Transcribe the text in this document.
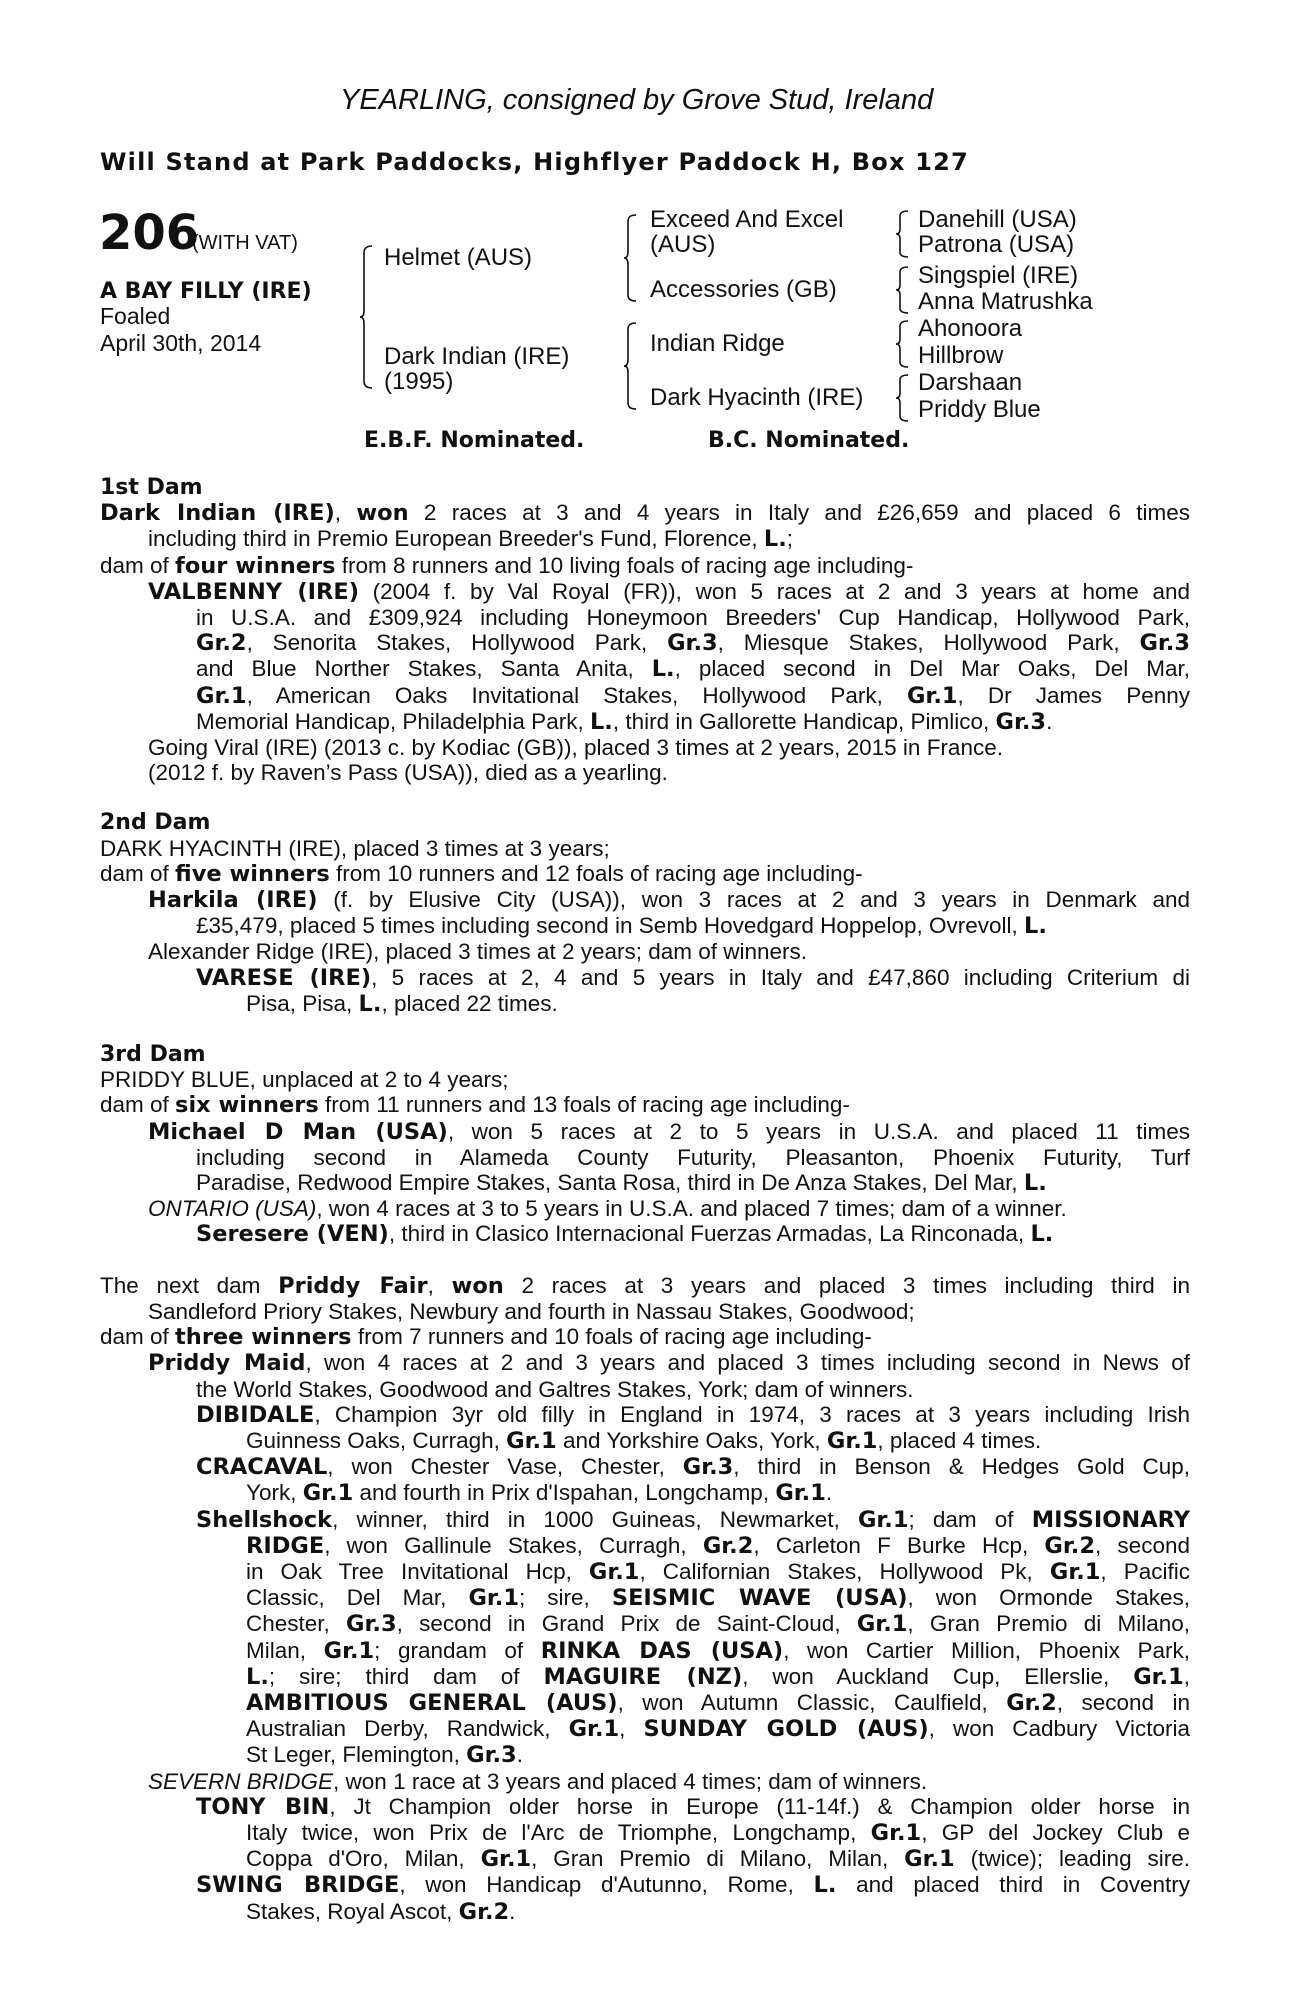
YEARLING, consigned by Grove Stud, Ireland
Will Stand at Park Paddocks, Highflyer Paddock H, Box 127
206
(WITH VAT)
A BAY FILLY (IRE)
Foaled
April 30th, 2014
Helmet (AUS)
Dark Indian (IRE)
(1995)
Exceed And Excel
(AUS)
Accessories (GB)
Indian Ridge
Dark Hyacinth (IRE)
Danehill (USA)
Patrona (USA)
Singspiel (IRE)
Anna Matrushka
Ahonoora
Hillbrow
Darshaan
Priddy Blue
E.B.F. Nominated.	B.C. Nominated.
1st Dam
Dark Indian (IRE), won 2 races at 3 and 4 years in Italy and £26,659 and placed 6 times
including third in Premio European Breeder's Fund, Florence, L.;
dam of four winners from 8 runners and 10 living foals of racing age including-
VALBENNY (IRE) (2004 f. by Val Royal (FR)), won 5 races at 2 and 3 years at home and
in U.S.A. and £309,924 including Honeymoon Breeders' Cup Handicap, Hollywood Park,
Gr.2, Senorita Stakes, Hollywood Park, Gr.3, Miesque Stakes, Hollywood Park, Gr.3
and Blue Norther Stakes, Santa Anita, L., placed second in Del Mar Oaks, Del Mar,
Gr.1, American Oaks Invitational Stakes, Hollywood Park, Gr.1, Dr James Penny
Memorial Handicap, Philadelphia Park, L., third in Gallorette Handicap, Pimlico, Gr.3.
Going Viral (IRE) (2013 c. by Kodiac (GB)), placed 3 times at 2 years, 2015 in France.
(2012 f. by Raven’s Pass (USA)), died as a yearling.
2nd Dam
DARK HYACINTH (IRE), placed 3 times at 3 years;
dam of five winners from 10 runners and 12 foals of racing age including-
Harkila (IRE) (f. by Elusive City (USA)), won 3 races at 2 and 3 years in Denmark and
£35,479, placed 5 times including second in Semb Hovedgard Hoppelop, Ovrevoll, L.
Alexander Ridge (IRE), placed 3 times at 2 years; dam of winners.
VARESE (IRE), 5 races at 2, 4 and 5 years in Italy and £47,860 including Criterium di
Pisa, Pisa, L., placed 22 times.
3rd Dam
PRIDDY BLUE, unplaced at 2 to 4 years;
dam of six winners from 11 runners and 13 foals of racing age including-
Michael D Man (USA), won 5 races at 2 to 5 years in U.S.A. and placed 11 times
including second in Alameda County Futurity, Pleasanton, Phoenix Futurity, Turf
Paradise, Redwood Empire Stakes, Santa Rosa, third in De Anza Stakes, Del Mar, L.
ONTARIO (USA), won 4 races at 3 to 5 years in U.S.A. and placed 7 times; dam of a winner.
Seresere (VEN), third in Clasico Internacional Fuerzas Armadas, La Rinconada, L.
The next dam Priddy Fair, won 2 races at 3 years and placed 3 times including third in
Sandleford Priory Stakes, Newbury and fourth in Nassau Stakes, Goodwood;
dam of three winners from 7 runners and 10 foals of racing age including-
Priddy Maid, won 4 races at 2 and 3 years and placed 3 times including second in News of
the World Stakes, Goodwood and Galtres Stakes, York; dam of winners.
DIBIDALE, Champion 3yr old filly in England in 1974, 3 races at 3 years including Irish
Guinness Oaks, Curragh, Gr.1 and Yorkshire Oaks, York, Gr.1, placed 4 times.
CRACAVAL, won Chester Vase, Chester, Gr.3, third in Benson & Hedges Gold Cup,
York, Gr.1 and fourth in Prix d'Ispahan, Longchamp, Gr.1.
Shellshock, winner, third in 1000 Guineas, Newmarket, Gr.1; dam of MISSIONARY
RIDGE, won Gallinule Stakes, Curragh, Gr.2, Carleton F Burke Hcp, Gr.2, second
in Oak Tree Invitational Hcp, Gr.1, Californian Stakes, Hollywood Pk, Gr.1, Pacific
Classic, Del Mar, Gr.1; sire, SEISMIC WAVE (USA), won Ormonde Stakes,
Chester, Gr.3, second in Grand Prix de Saint-Cloud, Gr.1, Gran Premio di Milano,
Milan, Gr.1; grandam of RINKA DAS (USA), won Cartier Million, Phoenix Park,
L.; sire; third dam of MAGUIRE (NZ), won Auckland Cup, Ellerslie, Gr.1,
AMBITIOUS GENERAL (AUS), won Autumn Classic, Caulfield, Gr.2, second in
Australian Derby, Randwick, Gr.1, SUNDAY GOLD (AUS), won Cadbury Victoria
St Leger, Flemington, Gr.3.
SEVERN BRIDGE, won 1 race at 3 years and placed 4 times; dam of winners.
TONY BIN, Jt Champion older horse in Europe (11-14f.) & Champion older horse in
Italy twice, won Prix de l'Arc de Triomphe, Longchamp, Gr.1, GP del Jockey Club e
Coppa d'Oro, Milan, Gr.1, Gran Premio di Milano, Milan, Gr.1 (twice); leading sire.
SWING BRIDGE, won Handicap d'Autunno, Rome, L. and placed third in Coventry
Stakes, Royal Ascot, Gr.2.
